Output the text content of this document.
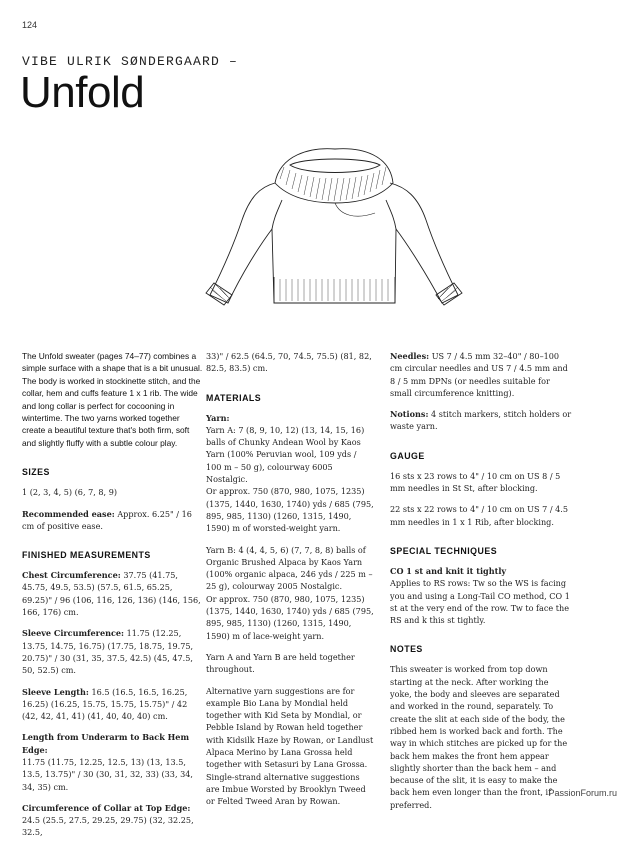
124
VIBE ULRIK SØNDERGAARD –
Unfold

The Unfold sweater (pages 74–77) combines a simple surface with a shape that is a bit unusual. The body is worked in stockinette stitch, and the collar, hem and cuffs feature 1 x 1 rib. The wide and long collar is perfect for cocooning in wintertime. The two yarns worked together create a beautiful texture that's both firm, soft and slightly fluffy with a subtle colour play.

SIZES

1 (2, 3, 4, 5) (6, 7, 8, 9)

Recommended ease: Approx. 6.25" / 16 cm of positive ease.

FINISHED MEASUREMENTS

Chest Circumference: 37.75 (41.75, 45.75, 49.5, 53.5) (57.5, 61.5, 65.25, 69.25)" / 96 (106, 116, 126, 136) (146, 156, 166, 176) cm.

Sleeve Circumference: 11.75 (12.25, 13.75, 14.75, 16.75) (17.75, 18.75, 19.75, 20.75)" / 30 (31, 35, 37.5, 42.5) (45, 47.5, 50, 52.5) cm.

Sleeve Length: 16.5 (16.5, 16.5, 16.25, 16.25) (16.25, 15.75, 15.75, 15.75)" / 42 (42, 42, 41, 41) (41, 40, 40, 40) cm.

Length from Underarm to Back Hem Edge:
11.75 (11.75, 12.25, 12.5, 13) (13, 13.5, 13.5, 13.75)" / 30 (30, 31, 32, 33) (33, 34, 34, 35) cm.

Circumference of Collar at Top Edge: 24.5 (25.5, 27.5, 29.25, 29.75) (32, 32.25, 32.5,

33)" / 62.5 (64.5, 70, 74.5, 75.5) (81, 82, 82.5, 83.5) cm.

MATERIALS
Yarn:

Yarn A: 7 (8, 9, 10, 12) (13, 14, 15, 16) balls of Chunky Andean Wool by Kaos Yarn (100% Peruvian wool, 109 yds / 100 m – 50 g), colourway 6005 Nostalgic.

Or approx. 750 (870, 980, 1075, 1235) (1375, 1440, 1630, 1740) yds / 685 (795, 895, 985, 1130) (1260, 1315, 1490, 1590) m of worsted-weight yarn.

Yarn B: 4 (4, 4, 5, 6) (7, 7, 8, 8) balls of Organic Brushed Alpaca by Kaos Yarn (100% organic alpaca, 246 yds / 225 m – 25 g), colourway 2005 Nostalgic.

Or approx. 750 (870, 980, 1075, 1235) (1375, 1440, 1630, 1740) yds / 685 (795, 895, 985, 1130) (1260, 1315, 1490, 1590) m of lace-weight yarn.

Yarn A and Yarn B are held together throughout.

Alternative yarn suggestions are for example Bio Lana by Mondial held together with Kid Seta by Mondial, or Pebble Island by Rowan held together with Kidsilk Haze by Rowan, or Landlust Alpaca Merino by Lana Grossa held together with Setasuri by Lana Grossa. Single-strand alternative suggestions are Imbue Worsted by Brooklyn Tweed or Felted Tweed Aran by Rowan.

Needles: US 7 / 4.5 mm 32–40" / 80–100 cm circular needles and US 7 / 4.5 mm and 8 / 5 mm DPNs (or needles suitable for small circumference knitting).

Notions: 4 stitch markers, stitch holders or waste yarn.

GAUGE

16 sts x 23 rows to 4" / 10 cm on US 8 / 5 mm needles in St St, after blocking.

22 sts x 22 rows to 4" / 10 cm on US 7 / 4.5 mm needles in 1 x 1 Rib, after blocking.

SPECIAL TECHNIQUES
CO 1 st and knit it tightly

Applies to RS rows: Tw so the WS is facing you and using a Long-Tail CO method, CO 1 st at the very end of the row. Tw to face the RS and k this st tightly.

NOTES

This sweater is worked from top down starting at the neck. After working the yoke, the body and sleeves are separated and worked in the round, separately. To create the slit at each side of the body, the ribbed hem is worked back and forth. The way in which stitches are picked up for the back hem makes the front hem appear slightly shorter than the back hem – and because of the slit, it is easy to make the back hem even longer than the front, if preferred.

PassionForum.ru
